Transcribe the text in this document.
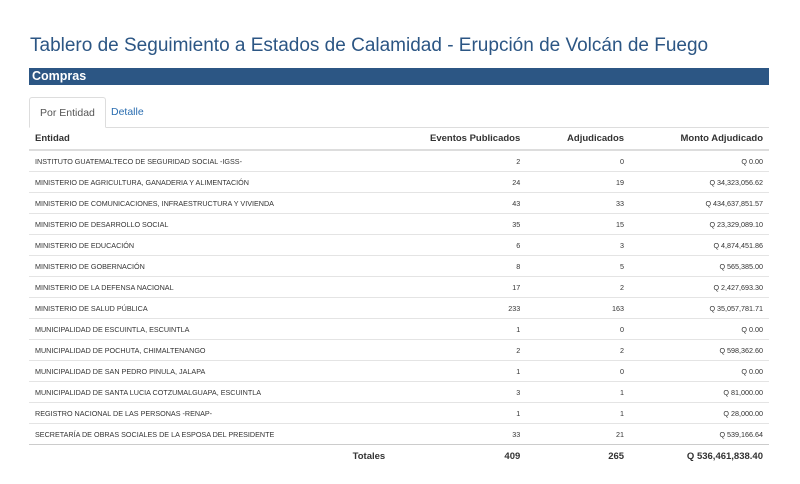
Tablero de Seguimiento a Estados de Calamidad - Erupción de Volcán de Fuego
Compras
Por Entidad	Detalle
Entidad	Eventos Publicados	Adjudicados	Monto Adjudicado
INSTITUTO GUATEMALTECO DE SEGURIDAD SOCIAL -IGSS-	2	0	Q 0.00
MINISTERIO DE AGRICULTURA, GANADERIA Y ALIMENTACIÓN	24	19	Q 34,323,056.62
MINISTERIO DE COMUNICACIONES, INFRAESTRUCTURA Y VIVIENDA	43	33	Q 434,637,851.57
MINISTERIO DE DESARROLLO SOCIAL	35	15	Q 23,329,089.10
MINISTERIO DE EDUCACIÓN	6	3	Q 4,874,451.86
MINISTERIO DE GOBERNACIÓN	8	5	Q 565,385.00
MINISTERIO DE LA DEFENSA NACIONAL	17	2	Q 2,427,693.30
MINISTERIO DE SALUD PÚBLICA	233	163	Q 35,057,781.71
MUNICIPALIDAD DE ESCUINTLA, ESCUINTLA	1	0	Q 0.00
MUNICIPALIDAD DE POCHUTA, CHIMALTENANGO	2	2	Q 598,362.60
MUNICIPALIDAD DE SAN PEDRO PINULA, JALAPA	1	0	Q 0.00
MUNICIPALIDAD DE SANTA LUCIA COTZUMALGUAPA, ESCUINTLA	3	1	Q 81,000.00
REGISTRO NACIONAL DE LAS PERSONAS -RENAP-	1	1	Q 28,000.00
SECRETARÍA DE OBRAS SOCIALES DE LA ESPOSA DEL PRESIDENTE	33	21	Q 539,166.64
Totales	409	265	Q 536,461,838.40
